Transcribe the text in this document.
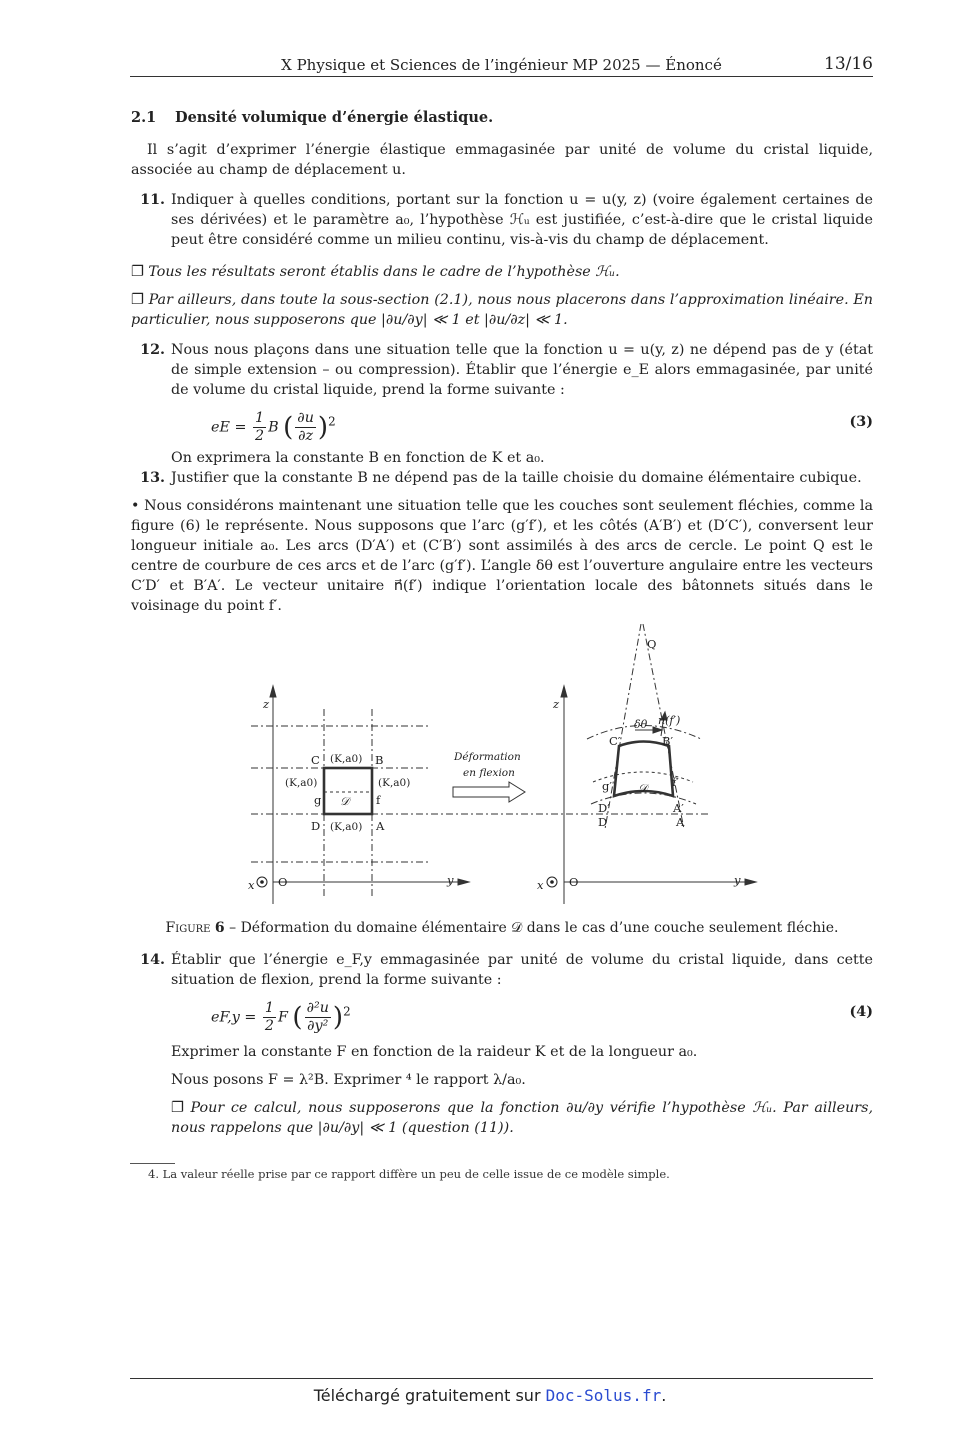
X Physique et Sciences de l’ingénieur MP 2025 — Énoncé	13/16
2.1 Densité volumique d’énergie élastique.

Il s’agit d’exprimer l’énergie élastique emmagasinée par unité de volume du cristal liquide, associée au champ de déplacement u.

11. Indiquer à quelles conditions, portant sur la fonction u = u(y, z) (voire également certaines de ses dérivées) et le paramètre a₀, l’hypothèse ℋᵤ est justifiée, c’est-à-dire que le cristal liquide peut être considéré comme un milieu continu, vis-à-vis du champ de déplacement.

❐ Tous les résultats seront établis dans le cadre de l’hypothèse ℋᵤ.

❐ Par ailleurs, dans toute la sous-section (2.1), nous nous placerons dans l’approximation linéaire. En particulier, nous supposerons que |∂u/∂y| ≪ 1 et |∂u/∂z| ≪ 1.

12. Nous nous plaçons dans une situation telle que la fonction u = u(y, z) ne dépend pas de y (état de simple extension – ou compression). Établir que l’énergie e_E alors emmagasinée, par unité de volume du cristal liquide, prend la forme suivante :
eE = $\frac{1}{2}$ B ( $\frac{\partial u}{\partial z} )^2$	(3)
On exprimera la constante B en fonction de K et a₀.
13. Justifier que la constante B ne dépend pas de la taille choisie du domaine élémentaire cubique.

• Nous considérons maintenant une situation telle que les couches sont seulement fléchies, comme la figure (6) le représente. Nous supposons que l’arc (g′f′), et les côtés (A′B′) et (D′C′), conversent leur longueur initiale a₀. Les arcs (D′A′) et (C′B′) sont assimilés à des arcs de cercle. Le point Q est le centre de courbure de ces arcs et de l’arc (g′f′). L’angle δθ est l’ouverture angulaire entre les vecteurs C′D′ et B′A′. Le vecteur unitaire n⃗(f′) indique l’orientation locale des bâtonnets situés dans le voisinage du point f′.

z
x O	y
C	B
D	A
g	f
𝒟
(K,a0)
(K,a0)	(K,a0)
(K,a0)
Déformation
en flexion
z
x O	y
Q
C′	B′
D′
D
A′
A
g′	f′
𝒟
δθ n(f′)
Figure 6 – Déformation du domaine élémentaire 𝒟 dans le cas d’une couche seulement fléchie.
14. Établir que l’énergie e_F,y emmagasinée par unité de volume du cristal liquide, dans cette situation de flexion, prend la forme suivante :
$eF,y = \frac{1}{2}$ F ( $\frac{\text{∂²u}}{\text{∂y²}} )^2$	(4)
Exprimer la constante F en fonction de la raideur K et de la longueur a₀.
Nous posons F = λ²B. Exprimer ⁴ le rapport λ/a₀.
❐ Pour ce calcul, nous supposerons que la fonction ∂u/∂y vérifie l’hypothèse ℋᵤ. Par ailleurs, nous rappelons que |∂u/∂y| ≪ 1 (question (11)).
4. La valeur réelle prise par ce rapport diffère un peu de celle issue de ce modèle simple.
Téléchargé gratuitement sur Doc-Solus.fr.
